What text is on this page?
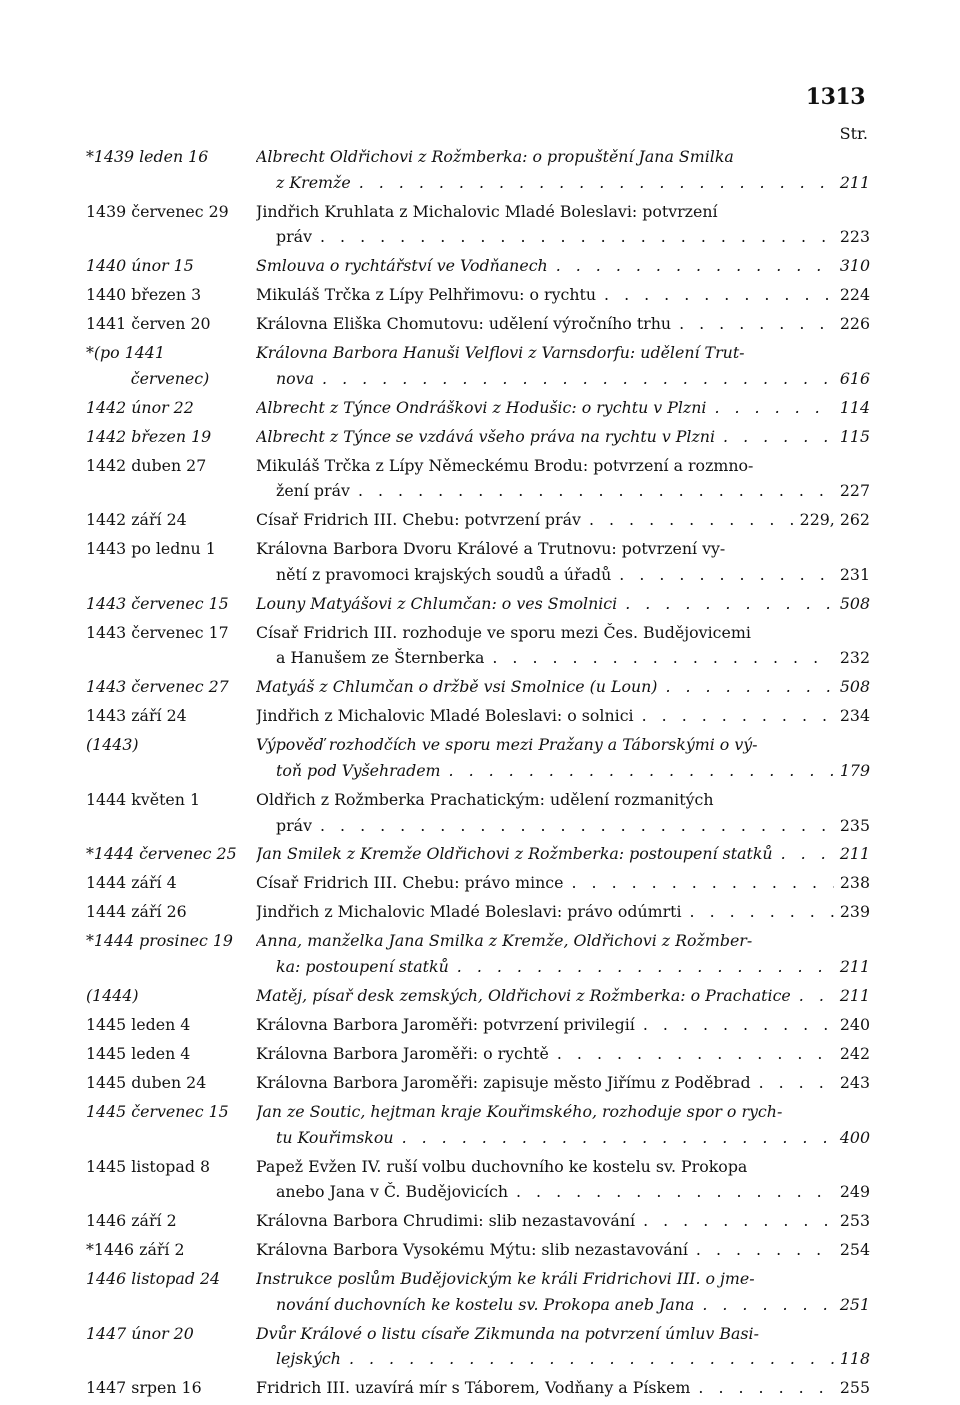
1313
Str.
*1439 leden 16	Albrecht Oldřichovi z Rožmberka: o propuštění Jana Smilka
z Kremže . . .	211
1439 červenec 29	Jindřich Kruhlata z Michalovic Mladé Boleslavi: potvrzení
práv . . .	223
1440 únor 15	Smlouva o rychtářství ve Vodňanech . . .	310
1440 březen 3	Mikuláš Trčka z Lípy Pelhřimovu: o rychtu . . .	224
1441 červen 20	Královna Eliška Chomutovu: udělení výročního trhu . . .	226
*(po 1441	Královna Barbora Hanuši Velflovi z Varnsdorfu: udělení Trut-
červenec)	nova . . .	616
1442 únor 22	Albrecht z Týnce Ondráškovi z Hodušic: o rychtu v Plzni . . .	114
1442 březen 19	Albrecht z Týnce se vzdává všeho práva na rychtu v Plzni . . .	115
1442 duben 27	Mikuláš Trčka z Lípy Německému Brodu: potvrzení a rozmno-
žení práv . . .	227
1442 září 24	Císař Fridrich III. Chebu: potvrzení práv . . .	229, 262
1443 po lednu 1	Královna Barbora Dvoru Králové a Trutnovu: potvrzení vy-
nětí z pravomoci krajských soudů a úřadů . . .	231
1443 červenec 15	Louny Matyášovi z Chlumčan: o ves Smolnici . . .	508
1443 červenec 17	Císař Fridrich III. rozhoduje ve sporu mezi Čes. Budějovicemi
a Hanušem ze Šternberka . . .	232
1443 červenec 27	Matyáš z Chlumčan o držbě vsi Smolnice (u Loun) . . .	508
1443 září 24	Jindřich z Michalovic Mladé Boleslavi: o solnici . . .	234
(1443)	Výpověď rozhodčích ve sporu mezi Pražany a Táborskými o vý-
toň pod Vyšehradem . . .	179
1444 květen 1	Oldřich z Rožmberka Prachatickým: udělení rozmanitých
práv . . .	235
*1444 červenec 25	Jan Smilek z Kremže Oldřichovi z Rožmberka: postoupení statků . . .	211
1444 září 4	Císař Fridrich III. Chebu: právo mince . . .	238
1444 září 26	Jindřich z Michalovic Mladé Boleslavi: právo odúmrti . . .	239
*1444 prosinec 19	Anna, manželka Jana Smilka z Kremže, Oldřichovi z Rožmber-
ka: postoupení statků . . .	211
(1444)	Matěj, písař desk zemských, Oldřichovi z Rožmberka: o Prachatice . . .	211
1445 leden 4	Královna Barbora Jaroměři: potvrzení privilegií . . .	240
1445 leden 4	Královna Barbora Jaroměři: o rychtě . . .	242
1445 duben 24	Královna Barbora Jaroměři: zapisuje město Jiřímu z Poděbrad . . .	243
1445 červenec 15	Jan ze Soutic, hejtman kraje Kouřimského, rozhoduje spor o rych-
tu Kouřimskou . . .	400
1445 listopad 8	Papež Evžen IV. ruší volbu duchovního ke kostelu sv. Prokopa
anebo Jana v Č. Budějovicích . . .	249
1446 září 2	Královna Barbora Chrudimi: slib nezastavování . . .	253
*1446 září 2	Královna Barbora Vysokému Mýtu: slib nezastavování . . .	254
1446 listopad 24	Instrukce poslům Budějovickým ke králi Fridrichovi III. o jme-
nování duchovních ke kostelu sv. Prokopa aneb Jana . . .	251
1447 únor 20	Dvůr Králové o listu císaře Zikmunda na potvrzení úmluv Basi-
lejských . . .	118
1447 srpen 16	Fridrich III. uzavírá mír s Táborem, Vodňany a Pískem . . .	255
